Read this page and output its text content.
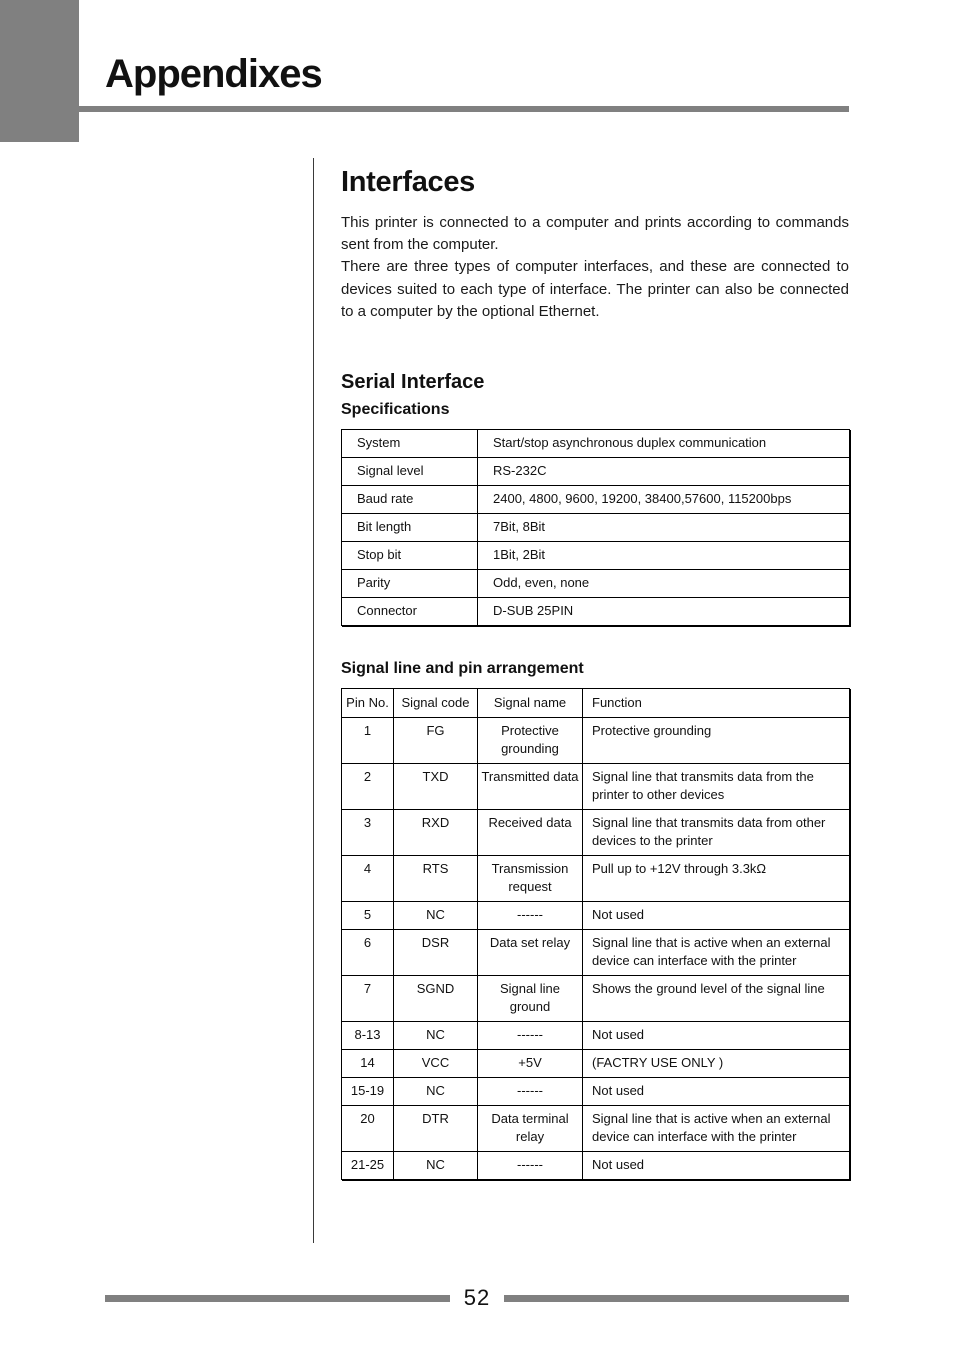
Appendixes
Interfaces

This printer is connected to a computer and prints according to commands sent from the computer.

There are three types of computer interfaces, and these are connected to devices suited to each type of interface. The printer can also be connected to a computer by the optional Ethernet.

Serial Interface
Specifications
System	Start/stop asynchronous duplex communication
Signal level	RS-232C
Baud rate	2400, 4800, 9600, 19200, 38400,57600, 115200bps
Bit length	7Bit, 8Bit
Stop bit	1Bit, 2Bit
Parity	Odd, even, none
Connector	D-SUB 25PIN
Signal line and pin arrangement
Pin No.	Signal code	Signal name	Function
1	FG	Protective grounding	Protective grounding
2	TXD	Transmitted data	Signal line that transmits data from the printer to other devices
3	RXD	Received data	Signal line that transmits data from other devices to the printer
4	RTS	Transmission request	Pull up to +12V through 3.3kΩ
5	NC	------	Not used
6	DSR	Data set relay	Signal line that is active when an external device can interface with the printer
7	SGND	Signal line ground	Shows the ground level of the signal line
8-13	NC	------	Not used
14	VCC	+5V	(FACTRY USE ONLY )
15-19	NC	------	Not used
20	DTR	Data terminal relay	Signal line that is active when an external device can interface with the printer
21-25	NC	------	Not used
52
